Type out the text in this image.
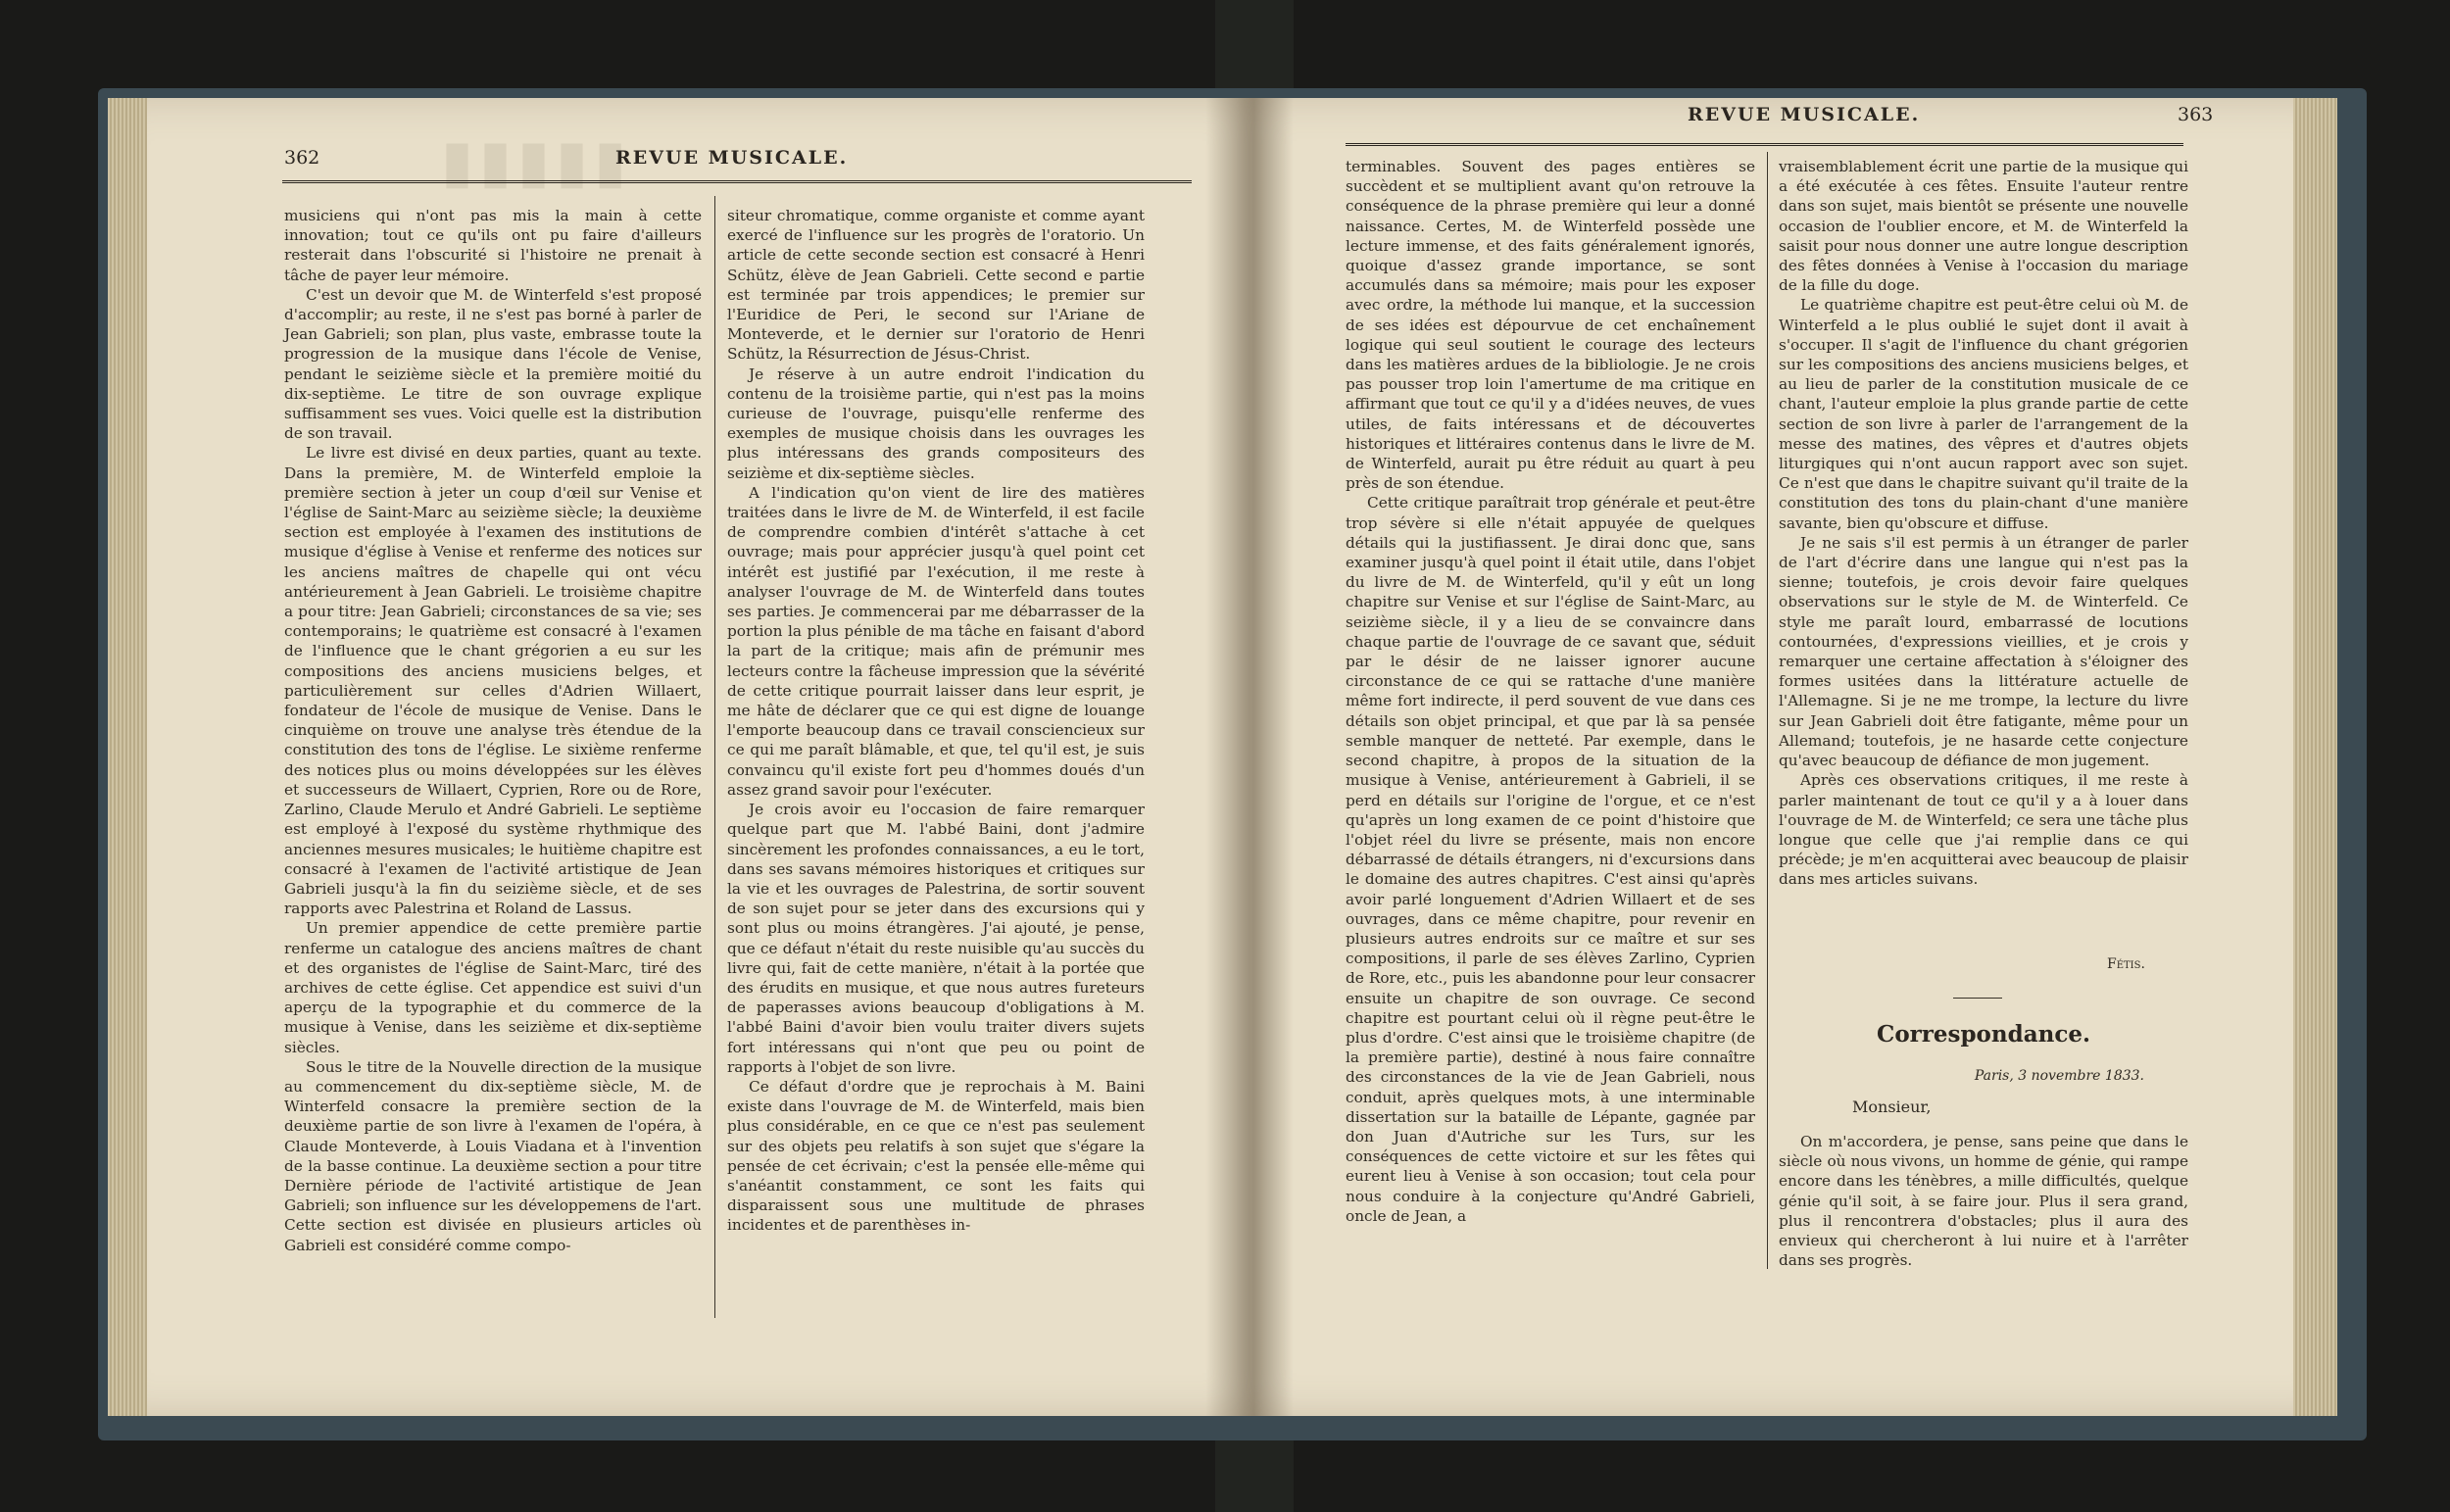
▮▮▮▮▮
362	REVUE MUSICALE.

musiciens qui n'ont pas mis la main à cette innovation; tout ce qu'ils ont pu faire d'ailleurs resterait dans l'obscurité si l'histoire ne prenait à tâche de payer leur mémoire.

C'est un devoir que M. de Winterfeld s'est proposé d'accomplir; au reste, il ne s'est pas borné à parler de Jean Gabrieli; son plan, plus vaste, embrasse toute la progression de la musique dans l'école de Venise, pendant le seizième siècle et la première moitié du dix-septième. Le titre de son ouvrage explique suffisamment ses vues. Voici quelle est la distribution de son travail.

Le livre est divisé en deux parties, quant au texte. Dans la première, M. de Winterfeld emploie la première section à jeter un coup d'œil sur Venise et l'église de Saint-Marc au seizième siècle; la deuxième section est employée à l'examen des institutions de musique d'église à Venise et renferme des notices sur les anciens maîtres de chapelle qui ont vécu antérieurement à Jean Gabrieli. Le troisième chapitre a pour titre: Jean Gabrieli; circonstances de sa vie; ses contemporains; le quatrième est consacré à l'examen de l'influence que le chant grégorien a eu sur les compositions des anciens musiciens belges, et particulièrement sur celles d'Adrien Willaert, fondateur de l'école de musique de Venise. Dans le cinquième on trouve une analyse très étendue de la constitution des tons de l'église. Le sixième renferme des notices plus ou moins développées sur les élèves et successeurs de Willaert, Cyprien, Rore ou de Rore, Zarlino, Claude Merulo et André Gabrieli. Le septième est employé à l'exposé du système rhythmique des anciennes mesures musicales; le huitième chapitre est consacré à l'examen de l'activité artistique de Jean Gabrieli jusqu'à la fin du seizième siècle, et de ses rapports avec Palestrina et Roland de Lassus.

Un premier appendice de cette première partie renferme un catalogue des anciens maîtres de chant et des organistes de l'église de Saint-Marc, tiré des archives de cette église. Cet appendice est suivi d'un aperçu de la typographie et du commerce de la musique à Venise, dans les seizième et dix-septième siècles.

Sous le titre de la Nouvelle direction de la musique au commencement du dix-septième siècle, M. de Winterfeld consacre la première section de la deuxième partie de son livre à l'examen de l'opéra, à Claude Monteverde, à Louis Viadana et à l'invention de la basse continue. La deuxième section a pour titre Dernière période de l'activité artistique de Jean Gabrieli; son influence sur les développemens de l'art. Cette section est divisée en plusieurs articles où Gabrieli est considéré comme compo-

siteur chromatique, comme organiste et comme ayant exercé de l'influence sur les progrès de l'oratorio. Un article de cette seconde section est consacré à Henri Schütz, élève de Jean Gabrieli. Cette second e partie est terminée par trois appendices; le premier sur l'Euridice de Peri, le second sur l'Ariane de Monteverde, et le dernier sur l'oratorio de Henri Schütz, la Résurrection de Jésus-Christ.

Je réserve à un autre endroit l'indication du contenu de la troisième partie, qui n'est pas la moins curieuse de l'ouvrage, puisqu'elle renferme des exemples de musique choisis dans les ouvrages les plus intéressans des grands compositeurs des seizième et dix-septième siècles.

A l'indication qu'on vient de lire des matières traitées dans le livre de M. de Winterfeld, il est facile de comprendre combien d'intérêt s'attache à cet ouvrage; mais pour apprécier jusqu'à quel point cet intérêt est justifié par l'exécution, il me reste à analyser l'ouvrage de M. de Winterfeld dans toutes ses parties. Je commencerai par me débarrasser de la portion la plus pénible de ma tâche en faisant d'abord la part de la critique; mais afin de prémunir mes lecteurs contre la fâcheuse impression que la sévérité de cette critique pourrait laisser dans leur esprit, je me hâte de déclarer que ce qui est digne de louange l'emporte beaucoup dans ce travail consciencieux sur ce qui me paraît blâmable, et que, tel qu'il est, je suis convaincu qu'il existe fort peu d'hommes doués d'un assez grand savoir pour l'exécuter.

Je crois avoir eu l'occasion de faire remarquer quelque part que M. l'abbé Baini, dont j'admire sincèrement les profondes connaissances, a eu le tort, dans ses savans mémoires historiques et critiques sur la vie et les ouvrages de Palestrina, de sortir souvent de son sujet pour se jeter dans des excursions qui y sont plus ou moins étrangères. J'ai ajouté, je pense, que ce défaut n'était du reste nuisible qu'au succès du livre qui, fait de cette manière, n'était à la portée que des érudits en musique, et que nous autres fureteurs de paperasses avions beaucoup d'obligations à M. l'abbé Baini d'avoir bien voulu traiter divers sujets fort intéressans qui n'ont que peu ou point de rapports à l'objet de son livre.

Ce défaut d'ordre que je reprochais à M. Baini existe dans l'ouvrage de M. de Winterfeld, mais bien plus considérable, en ce que ce n'est pas seulement sur des objets peu relatifs à son sujet que s'égare la pensée de cet écrivain; c'est la pensée elle-même qui s'anéantit constamment, ce sont les faits qui disparaissent sous une multitude de phrases incidentes et de parenthèses in-

REVUE MUSICALE.	363

terminables. Souvent des pages entières se succèdent et se multiplient avant qu'on retrouve la conséquence de la phrase première qui leur a donné naissance. Certes, M. de Winterfeld possède une lecture immense, et des faits généralement ignorés, quoique d'assez grande importance, se sont accumulés dans sa mémoire; mais pour les exposer avec ordre, la méthode lui manque, et la succession de ses idées est dépourvue de cet enchaînement logique qui seul soutient le courage des lecteurs dans les matières ardues de la bibliologie. Je ne crois pas pousser trop loin l'amertume de ma critique en affirmant que tout ce qu'il y a d'idées neuves, de vues utiles, de faits intéressans et de découvertes historiques et littéraires contenus dans le livre de M. de Winterfeld, aurait pu être réduit au quart à peu près de son étendue.

Cette critique paraîtrait trop générale et peut-être trop sévère si elle n'était appuyée de quelques détails qui la justifiassent. Je dirai donc que, sans examiner jusqu'à quel point il était utile, dans l'objet du livre de M. de Winterfeld, qu'il y eût un long chapitre sur Venise et sur l'église de Saint-Marc, au seizième siècle, il y a lieu de se convaincre dans chaque partie de l'ouvrage de ce savant que, séduit par le désir de ne laisser ignorer aucune circonstance de ce qui se rattache d'une manière même fort indirecte, il perd souvent de vue dans ces détails son objet principal, et que par là sa pensée semble manquer de netteté. Par exemple, dans le second chapitre, à propos de la situation de la musique à Venise, antérieurement à Gabrieli, il se perd en détails sur l'origine de l'orgue, et ce n'est qu'après un long examen de ce point d'histoire que l'objet réel du livre se présente, mais non encore débarrassé de détails étrangers, ni d'excursions dans le domaine des autres chapitres. C'est ainsi qu'après avoir parlé longuement d'Adrien Willaert et de ses ouvrages, dans ce même chapitre, pour revenir en plusieurs autres endroits sur ce maître et sur ses compositions, il parle de ses élèves Zarlino, Cyprien de Rore, etc., puis les abandonne pour leur consacrer ensuite un chapitre de son ouvrage. Ce second chapitre est pourtant celui où il règne peut-être le plus d'ordre. C'est ainsi que le troisième chapitre (de la première partie), destiné à nous faire connaître des circonstances de la vie de Jean Gabrieli, nous conduit, après quelques mots, à une interminable dissertation sur la bataille de Lépante, gagnée par don Juan d'Autriche sur les Turs, sur les conséquences de cette victoire et sur les fêtes qui eurent lieu à Venise à son occasion; tout cela pour nous conduire à la conjecture qu'André Gabrieli, oncle de Jean, a

vraisemblablement écrit une partie de la musique qui a été exécutée à ces fêtes. Ensuite l'auteur rentre dans son sujet, mais bientôt se présente une nouvelle occasion de l'oublier encore, et M. de Winterfeld la saisit pour nous donner une autre longue description des fêtes données à Venise à l'occasion du mariage de la fille du doge.

Le quatrième chapitre est peut-être celui où M. de Winterfeld a le plus oublié le sujet dont il avait à s'occuper. Il s'agit de l'influence du chant grégorien sur les compositions des anciens musiciens belges, et au lieu de parler de la constitution musicale de ce chant, l'auteur emploie la plus grande partie de cette section de son livre à parler de l'arrangement de la messe des matines, des vêpres et d'autres objets liturgiques qui n'ont aucun rapport avec son sujet. Ce n'est que dans le chapitre suivant qu'il traite de la constitution des tons du plain-chant d'une manière savante, bien qu'obscure et diffuse.

Je ne sais s'il est permis à un étranger de parler de l'art d'écrire dans une langue qui n'est pas la sienne; toutefois, je crois devoir faire quelques observations sur le style de M. de Winterfeld. Ce style me paraît lourd, embarrassé de locutions contournées, d'expressions vieillies, et je crois y remarquer une certaine affectation à s'éloigner des formes usitées dans la littérature actuelle de l'Allemagne. Si je ne me trompe, la lecture du livre sur Jean Gabrieli doit être fatigante, même pour un Allemand; toutefois, je ne hasarde cette conjecture qu'avec beaucoup de défiance de mon jugement.

Après ces observations critiques, il me reste à parler maintenant de tout ce qu'il y a à louer dans l'ouvrage de M. de Winterfeld; ce sera une tâche plus longue que celle que j'ai remplie dans ce qui précède; je m'en acquitterai avec beaucoup de plaisir dans mes articles suivans.

Fétis.
Correspondance.
Paris, 3 novembre 1833.
Monsieur,

On m'accordera, je pense, sans peine que dans le siècle où nous vivons, un homme de génie, qui rampe encore dans les ténèbres, a mille difficultés, quelque génie qu'il soit, à se faire jour. Plus il sera grand, plus il rencontrera d'obstacles; plus il aura des envieux qui chercheront à lui nuire et à l'arrêter dans ses progrès.
